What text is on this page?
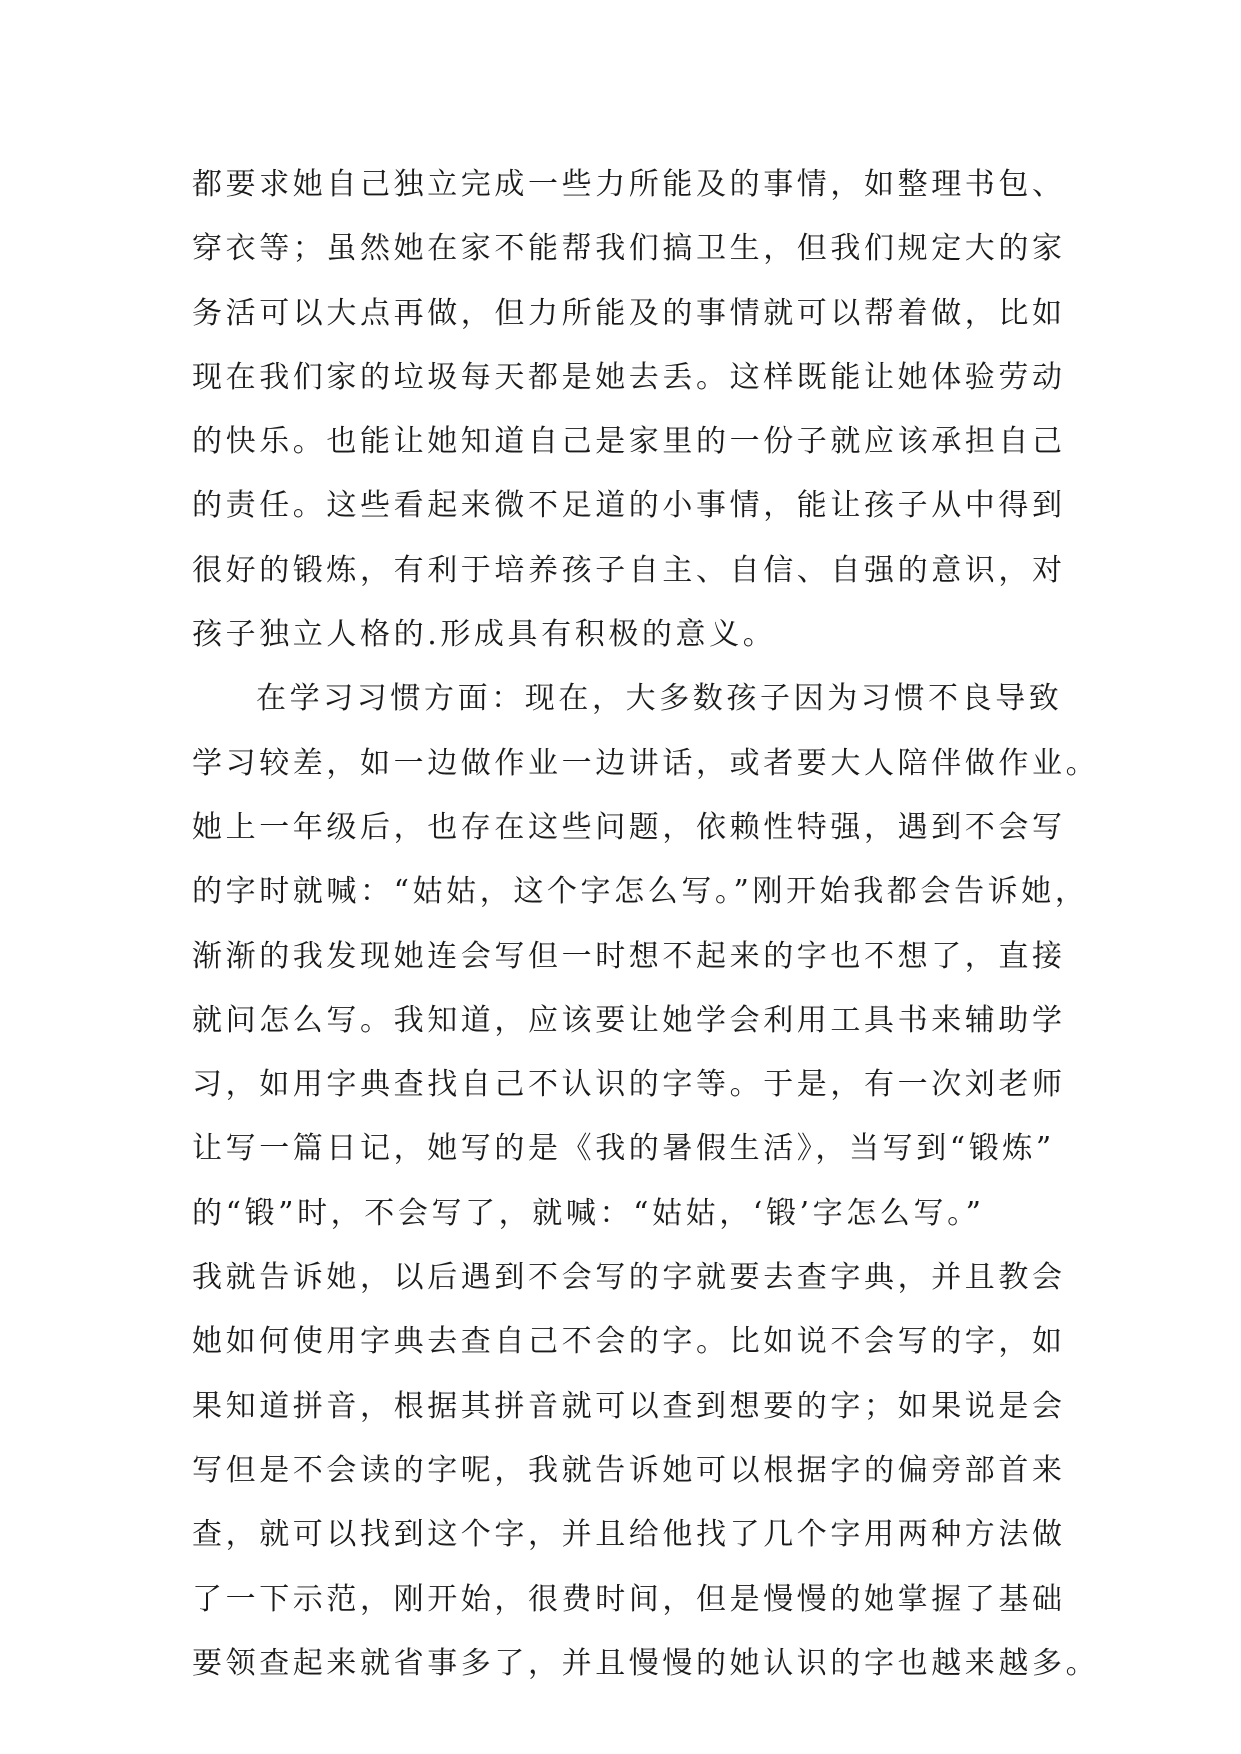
都要求她自己独立完成一些力所能及的事情，如整理书包、
穿衣等；虽然她在家不能帮我们搞卫生，但我们规定大的家
务活可以大点再做，但力所能及的事情就可以帮着做，比如
现在我们家的垃圾每天都是她去丢。这样既能让她体验劳动
的快乐。也能让她知道自己是家里的一份子就应该承担自己
的责任。这些看起来微不足道的小事情，能让孩子从中得到
很好的锻炼，有利于培养孩子自主、自信、自强的意识，对
孩子独立人格的.形成具有积极的意义。
在学习习惯方面：现在，大多数孩子因为习惯不良导致
学习较差，如一边做作业一边讲话，或者要大人陪伴做作业。
她上一年级后，也存在这些问题，依赖性特强，遇到不会写
的字时就喊：“姑姑，这个字怎么写。”刚开始我都会告诉她，
渐渐的我发现她连会写但一时想不起来的字也不想了，直接
就问怎么写。我知道，应该要让她学会利用工具书来辅助学
习，如用字典查找自己不认识的字等。于是，有一次刘老师
让写一篇日记，她写的是《我的暑假生活》，当写到“锻炼”
的“锻”时，不会写了，就喊：“姑姑，‘锻’字怎么写。”
我就告诉她，以后遇到不会写的字就要去查字典，并且教会
她如何使用字典去查自己不会的字。比如说不会写的字，如
果知道拼音，根据其拼音就可以查到想要的字；如果说是会
写但是不会读的字呢，我就告诉她可以根据字的偏旁部首来
查，就可以找到这个字，并且给他找了几个字用两种方法做
了一下示范，刚开始，很费时间，但是慢慢的她掌握了基础
要领查起来就省事多了，并且慢慢的她认识的字也越来越多。
